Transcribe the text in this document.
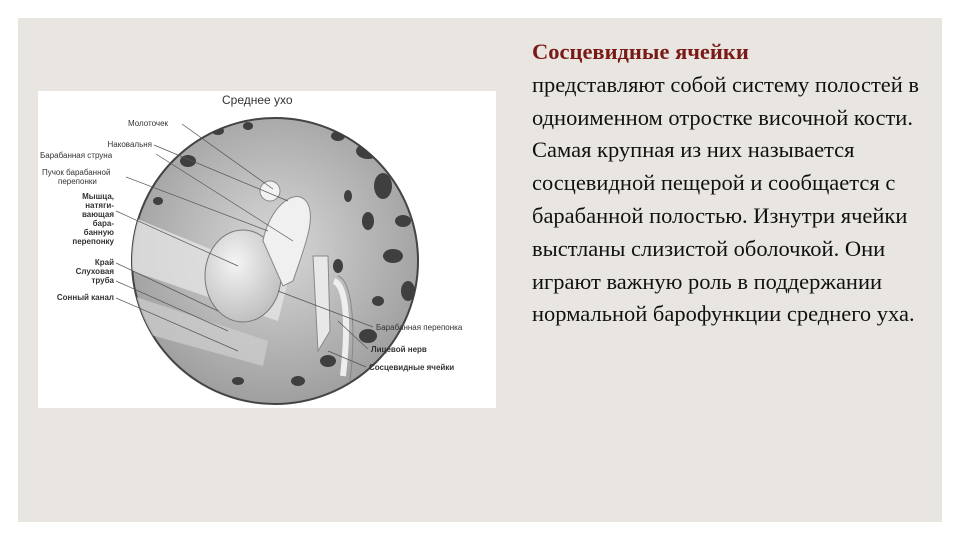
Среднее ухо
Молоточек
Наковальня
Барабанная струна
Пучок барабанной
перепонки
Мышца,
натяги-
вающая
бара-
банную
перепонку
Край
Слуховая
труба
Сонный канал
Барабанная перепонка
Лицевой нерв
Сосцевидные ячейки
Сосцевидные ячейки
представляют собой систему полостей в одноименном отростке височной кости. Самая крупная из них называется сосцевидной пещерой и сообщается с барабанной полостью. Изнутри ячейки выстланы слизистой оболочкой. Они играют важную роль в поддержании нормальной барофункции среднего уха.
